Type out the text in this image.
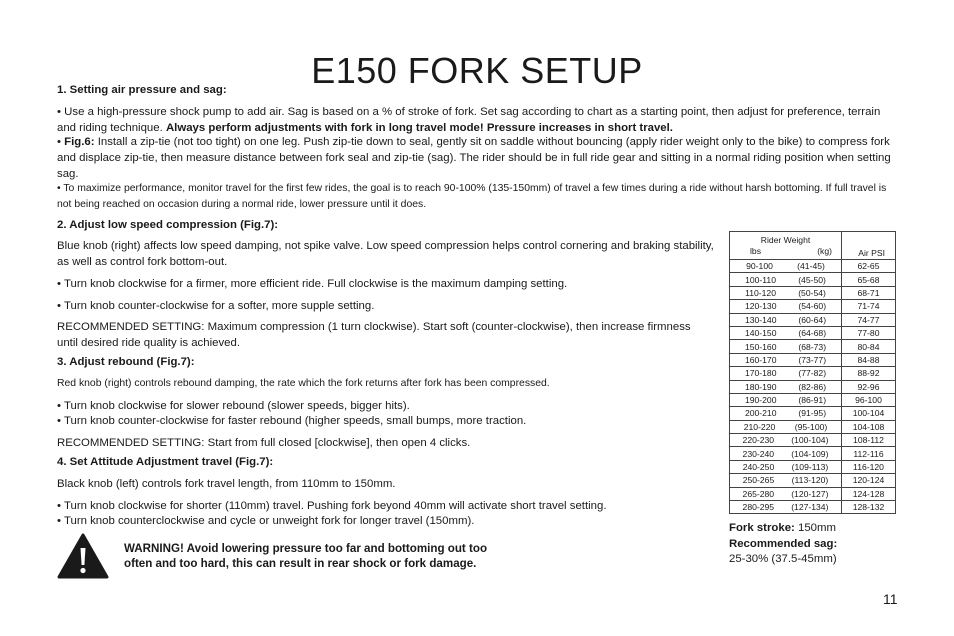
E150 FORK SETUP
1. Setting air pressure and sag:
• Use a high-pressure shock pump to add air. Sag is based on a % of stroke of fork. Set sag according to chart as a starting point, then adjust for preference, terrain and riding technique. Always perform adjustments with fork in long travel mode! Pressure increases in short travel.
• Fig.6: Install a zip-tie (not too tight) on one leg. Push zip-tie down to seal, gently sit on saddle without bouncing (apply rider weight only to the bike) to compress fork and displace zip-tie, then measure distance between fork seal and zip-tie (sag). The rider should be in full ride gear and sitting in a normal riding position when setting sag.
• To maximize performance, monitor travel for the first few rides, the goal is to reach 90-100% (135-150mm) of travel a few times during a ride without harsh bottoming. If full travel is not being reached on occasion during a normal ride, lower pressure until it does.
2. Adjust low speed compression (Fig.7):
Blue knob (right) affects low speed damping, not spike valve. Low speed compression helps control cornering and braking stability, as well as control fork bottom-out.
• Turn knob clockwise for a firmer, more efficient ride. Full clockwise is the maximum damping setting.
• Turn knob counter-clockwise for a softer, more supple setting.
RECOMMENDED SETTING: Maximum compression (1 turn clockwise). Start soft (counter-clockwise), then increase firmness until desired ride quality is achieved.
3. Adjust rebound (Fig.7):
Red knob (right) controls rebound damping, the rate which the fork returns after fork has been compressed.
• Turn knob clockwise for slower rebound (slower speeds, bigger hits).
• Turn knob counter-clockwise for faster rebound (higher speeds, small bumps, more traction.
RECOMMENDED SETTING: Start from full closed [clockwise], then open 4 clicks.
4. Set Attitude Adjustment travel (Fig.7):
Black knob (left) controls fork travel length, from 110mm to 150mm.
• Turn knob clockwise for shorter (110mm) travel. Pushing fork beyond 40mm will activate short travel setting.
• Turn knob counterclockwise and cycle or unweight fork for longer travel (150mm).
WARNING! Avoid lowering pressure too far and bottoming out too
often and too hard, this can result in rear shock or fork damage.
Rider Weight
lbs (kg)	Air PSI

90-100 (41-45)	62-65

100-110 (45-50)	65-68

110-120 (50-54)	68-71

120-130 (54-60)	71-74

130-140 (60-64)	74-77

140-150 (64-68)	77-80

150-160 (68-73)	80-84

160-170 (73-77)	84-88

170-180 (77-82)	88-92

180-190 (82-86)	92-96

190-200 (86-91)	96-100

200-210 (91-95)	100-104

210-220 (95-100)	104-108

220-230 (100-104)	108-112

230-240 (104-109)	112-116

240-250 (109-113)	116-120

250-265 (113-120)	120-124

265-280 (120-127)	124-128

280-295 (127-134)	128-132
Fork stroke: 150mm
Recommended sag:
25-30% (37.5-45mm)
11
